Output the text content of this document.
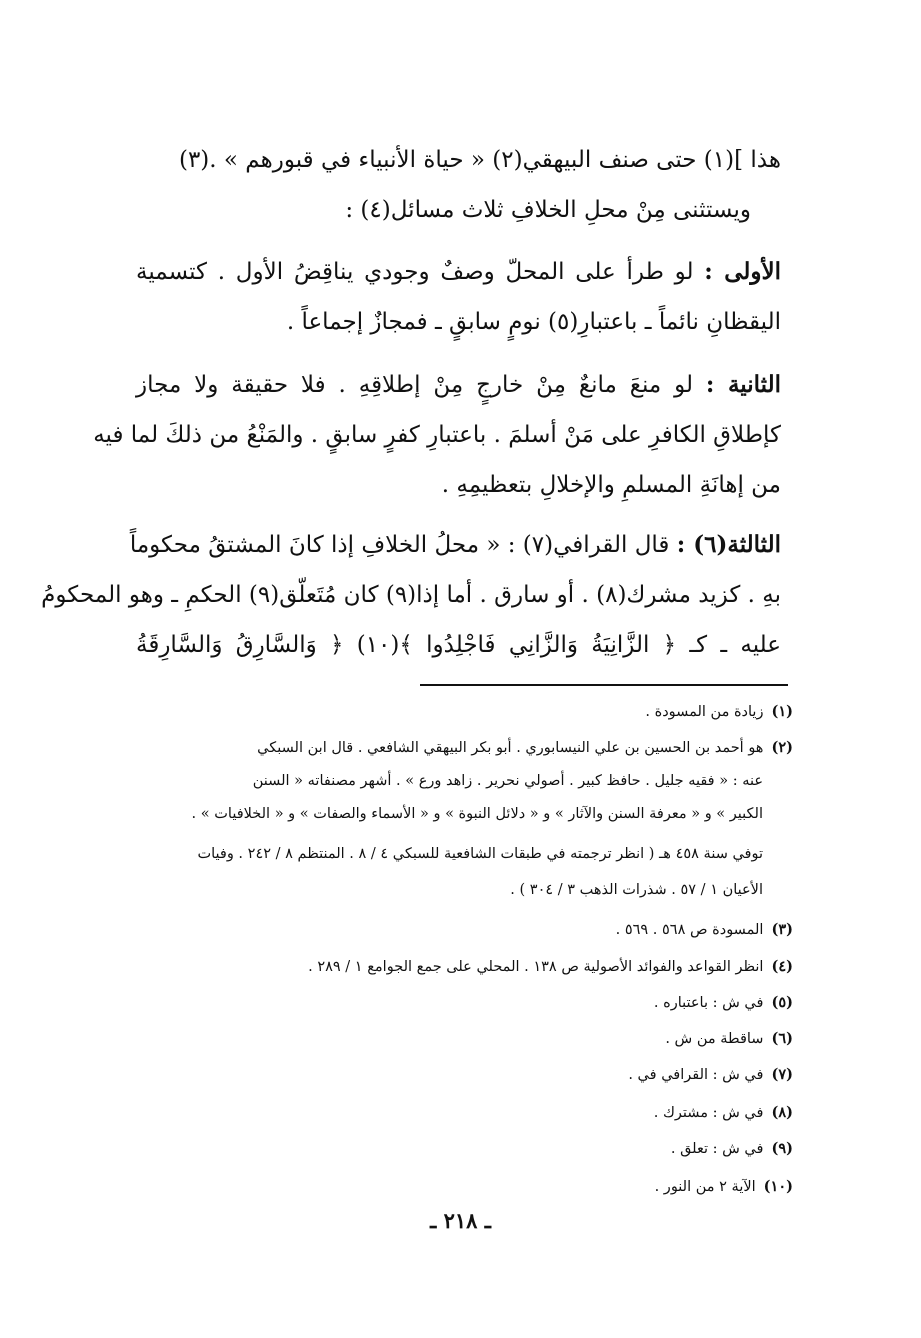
هذا ](١) حتى صنف البيهقي(٢) « حياة الأنبياء في قبورهم » .(٣)
ويستثنى مِنْ محلِ الخلافِ ثلاث مسائل(٤) :
الأولى : لو طرأ على المحلّ وصفٌ وجودي يناقِضُ الأول . كتسمية
اليقظانِ نائماً ـ باعتبارِ(٥) نومٍ سابقٍ ـ فمجازٌ إجماعاً .
الثانية : لو منعَ مانعٌ مِنْ خارجٍ مِنْ إطلاقِهِ . فلا حقيقة ولا مجاز
كإطلاقِ الكافرِ على مَنْ أسلمَ . باعتبارِ كفرٍ سابقٍ . والمَنْعُ من ذلكَ لما فيه
من إهانَةِ المسلمِ والإخلالِ بتعظيمِهِ .
الثالثة(٦) : قال القرافي(٧) : « محلُ الخلافِ إذا كانَ المشتقُ محكوماً
بهِ . كزيد مشرك(٨) . أو سارق . أما إذا(٩) كان مُتَعلّق(٩) الحكمِ ـ وهو المحكومُ
عليه ـ كـ ﴿ الزَّانِيَةُ وَالزَّانِي فَاجْلِدُوا ﴾(١٠) ﴿ وَالسَّارِقُ وَالسَّارِقَةُ
(١)زيادة من المسودة .
(٢)هو أحمد بن الحسين بن علي النيسابوري . أبو بكر البيهقي الشافعي . قال ابن السبكي
عنه : « فقيه جليل . حافظ كبير . أصولي نحرير . زاهد ورع » . أشهر مصنفاته « السنن
الكبير » و « معرفة السنن والآثار » و « دلائل النبوة » و « الأسماء والصفات » و « الخلافيات » .
توفي سنة ٤٥٨ هـ ( انظر ترجمته في طبقات الشافعية للسبكي ٤ / ٨ . المنتظم ٨ / ٢٤٢ . وفيات
الأعيان ١ / ٥٧ . شذرات الذهب ٣ / ٣٠٤ ) .
(٣)المسودة ص ٥٦٨ . ٥٦٩ .
(٤)انظر القواعد والفوائد الأصولية ص ١٣٨ . المحلي على جمع الجوامع ١ / ٢٨٩ .
(٥)في ش : باعتباره .
(٦)ساقطة من ش .
(٧)في ش : القرافي في .
(٨)في ش : مشترك .
(٩)في ش : تعلق .
(١٠)الآية ٢ من النور .
ـ ٢١٨ ـ
